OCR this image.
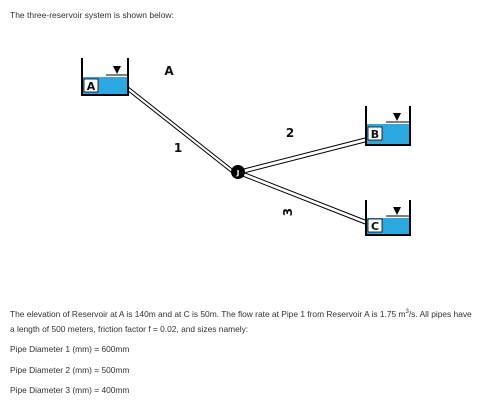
The three-reservoir system is shown below:
A
A
1
2
3
J
B
C
The elevation of Reservoir at A is 140m and at C is 50m. The flow rate at Pipe 1 from Reservoir A is 1.75 $m^3/s$. All pipes have a length of 500 meters, friction factor f = 0.02, and sizes namely:
Pipe Diameter 1 (mm) = 600mm
Pipe Diameter 2 (mm) = 500mm
Pipe Diameter 3 (mm) = 400mm
